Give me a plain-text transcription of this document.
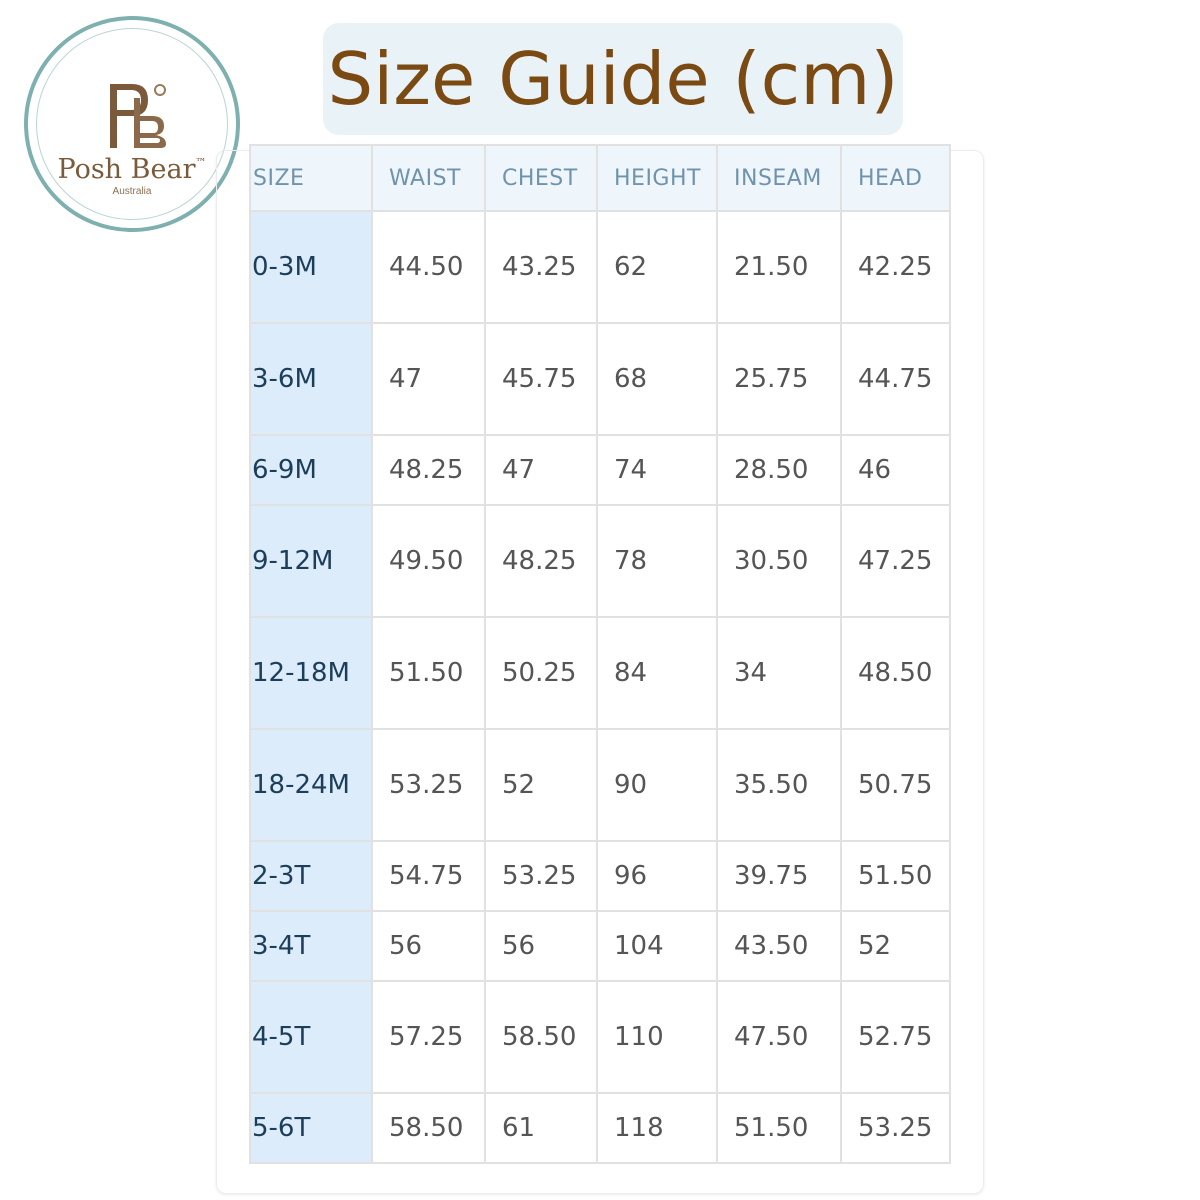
Posh Bear™
Australia
Size Guide (cm)
SIZE	WAIST	CHEST	HEIGHT	INSEAM	HEAD
0-3M	44.50	43.25	62	21.50	42.25
3-6M	47	45.75	68	25.75	44.75
6-9M	48.25	47	74	28.50	46
9-12M	49.50	48.25	78	30.50	47.25
12-18M	51.50	50.25	84	34	48.50
18-24M	53.25	52	90	35.50	50.75
2-3T	54.75	53.25	96	39.75	51.50
3-4T	56	56	104	43.50	52
4-5T	57.25	58.50	110	47.50	52.75
5-6T	58.50	61	118	51.50	53.25
